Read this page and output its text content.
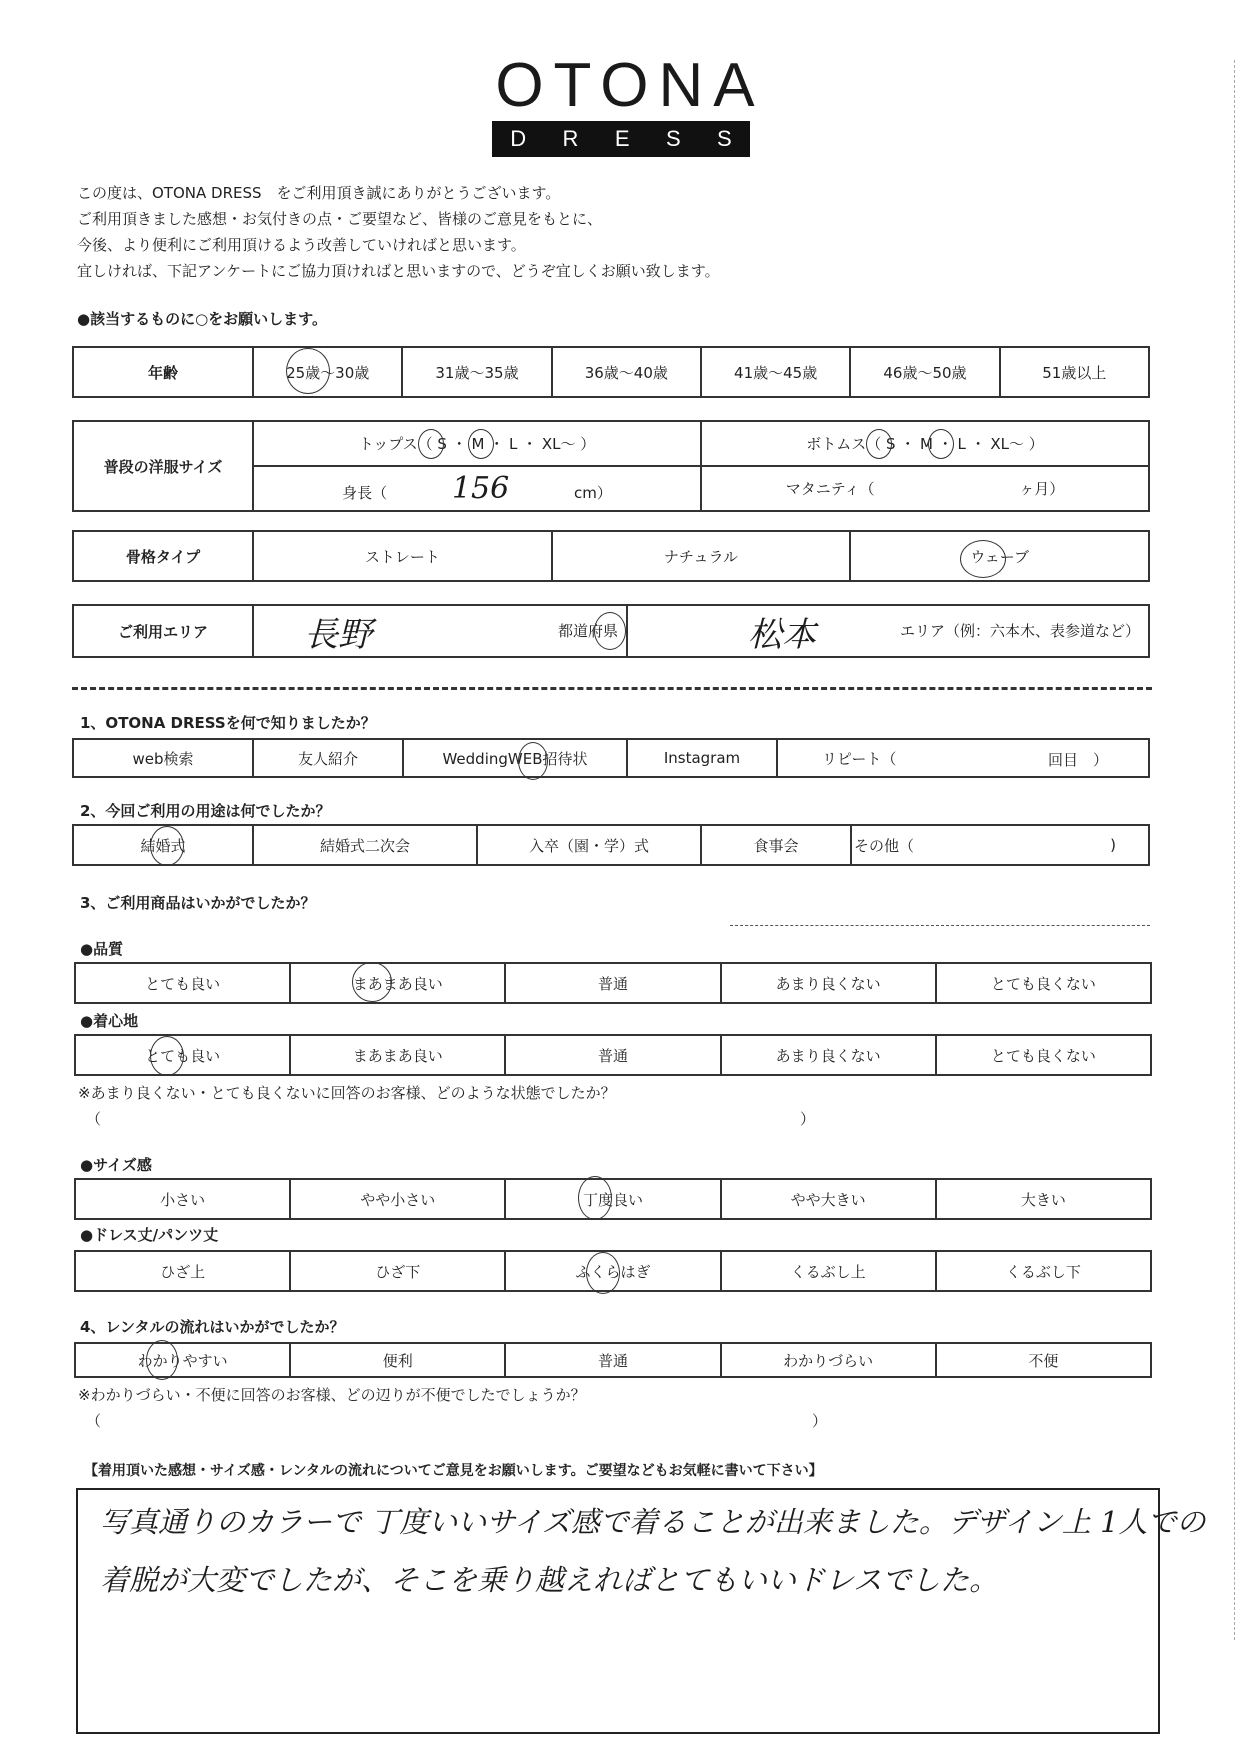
OTONA
D R E S S
この度は、OTONA DRESS　をご利用頂き誠にありがとうございます。
ご利用頂きました感想・お気付きの点・ご要望など、皆様のご意見をもとに、
今後、より便利にご利用頂けるよう改善していければと思います。
宜しければ、下記アンケートにご協力頂ければと思いますので、どうぞ宜しくお願い致します。
●該当するものに○をお願いします。
年齢	25歳〜30歳	31歳〜35歳	36歳〜40歳	41歳〜45歳	46歳〜50歳	51歳以上
普段の洋服サイズ	トップス（ S ・ M ・ L ・ XL〜 ）	ボトムス（ S ・ M ・ L ・ XL〜 ）
	身長（ 156 cm）	マタニティ（ ヶ月）
骨格タイプ	ストレート	ナチュラル	ウェーブ
ご利用エリア	長野	都道府県	松本	エリア（例：六本木、表参道など）
1、OTONA DRESSを何で知りましたか？
web検索	友人紹介	WeddingWEB招待状	Instagram	リピート（	回目　）
2、今回ご利用の用途は何でしたか？
結婚式	結婚式二次会	入卒（園・学）式	食事会	その他（	)
3、ご利用商品はいかがでしたか？
●品質
とても良い	まあまあ良い	普通	あまり良くない	とても良くない
●着心地
とても良い	まあまあ良い	普通	あまり良くない	とても良くない
※あまり良くない・とても良くないに回答のお客様、どのような状態でしたか？
（	）
●サイズ感
小さい	やや小さい	丁度良い	やや大きい	大きい
●ドレス丈/パンツ丈
ひざ上	ひざ下	ふくらはぎ	くるぶし上	くるぶし下
4、レンタルの流れはいかがでしたか？
わかりやすい	便利	普通	わかりづらい	不便
※わかりづらい・不便に回答のお客様、どの辺りが不便でしたでしょうか？
（	）
【着用頂いた感想・サイズ感・レンタルの流れについてご意見をお願いします。ご要望などもお気軽に書いて下さい】
写真通りのカラーで 丁度いいサイズ感で着ることが出来ました。デザイン上 1人での
着脱が大変でしたが、そこを乗り越えればとてもいいドレスでした。
